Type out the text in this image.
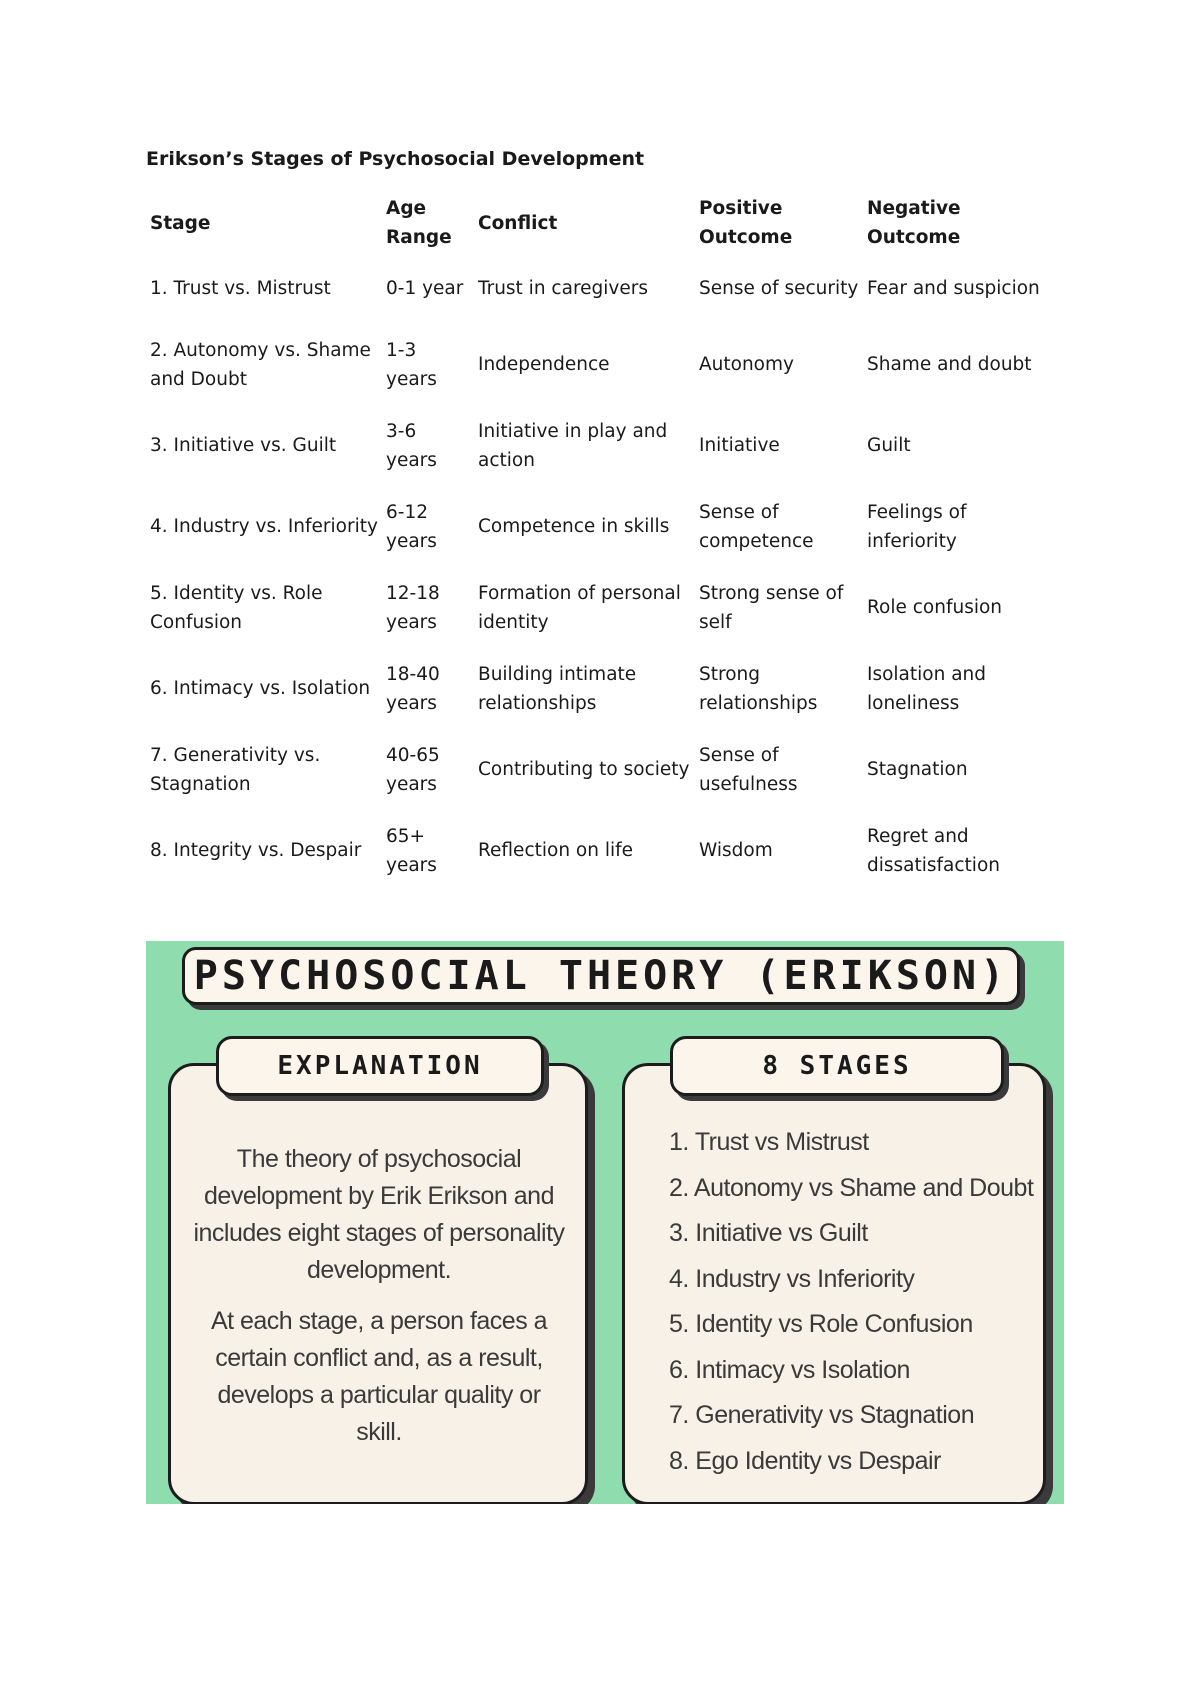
Erikson’s Stages of Psychosocial Development
Stage	Age Range	Conflict	Positive Outcome	Negative Outcome
1. Trust vs. Mistrust	0-1 year	Trust in caregivers	Sense of security	Fear and suspicion
2. Autonomy vs. Shame and Doubt	1-3 years	Independence	Autonomy	Shame and doubt
3. Initiative vs. Guilt	3-6 years	Initiative in play and action	Initiative	Guilt
4. Industry vs. Inferiority	6-12 years	Competence in skills	Sense of competence	Feelings of inferiority
5. Identity vs. Role Confusion	12-18 years	Formation of personal identity	Strong sense of self	Role confusion
6. Intimacy vs. Isolation	18-40 years	Building intimate relationships	Strong relationships	Isolation and loneliness
7. Generativity vs. Stagnation	40-65 years	Contributing to society	Sense of usefulness	Stagnation
8. Integrity vs. Despair	65+ years	Reflection on life	Wisdom	Regret and dissatisfaction
PSYCHOSOCIAL THEORY (ERIKSON)
EXPLANATION	8 STAGES

The theory of psychosocial development by Erik Erikson and includes eight stages of personality development.

At each stage, a person faces a certain conflict and, as a result, develops a particular quality or skill.

1. Trust vs Mistrust
2. Autonomy vs Shame and Doubt
3. Initiative vs Guilt
4. Industry vs Inferiority
5. Identity vs Role Confusion
6. Intimacy vs Isolation
7. Generativity vs Stagnation
8. Ego Identity vs Despair
